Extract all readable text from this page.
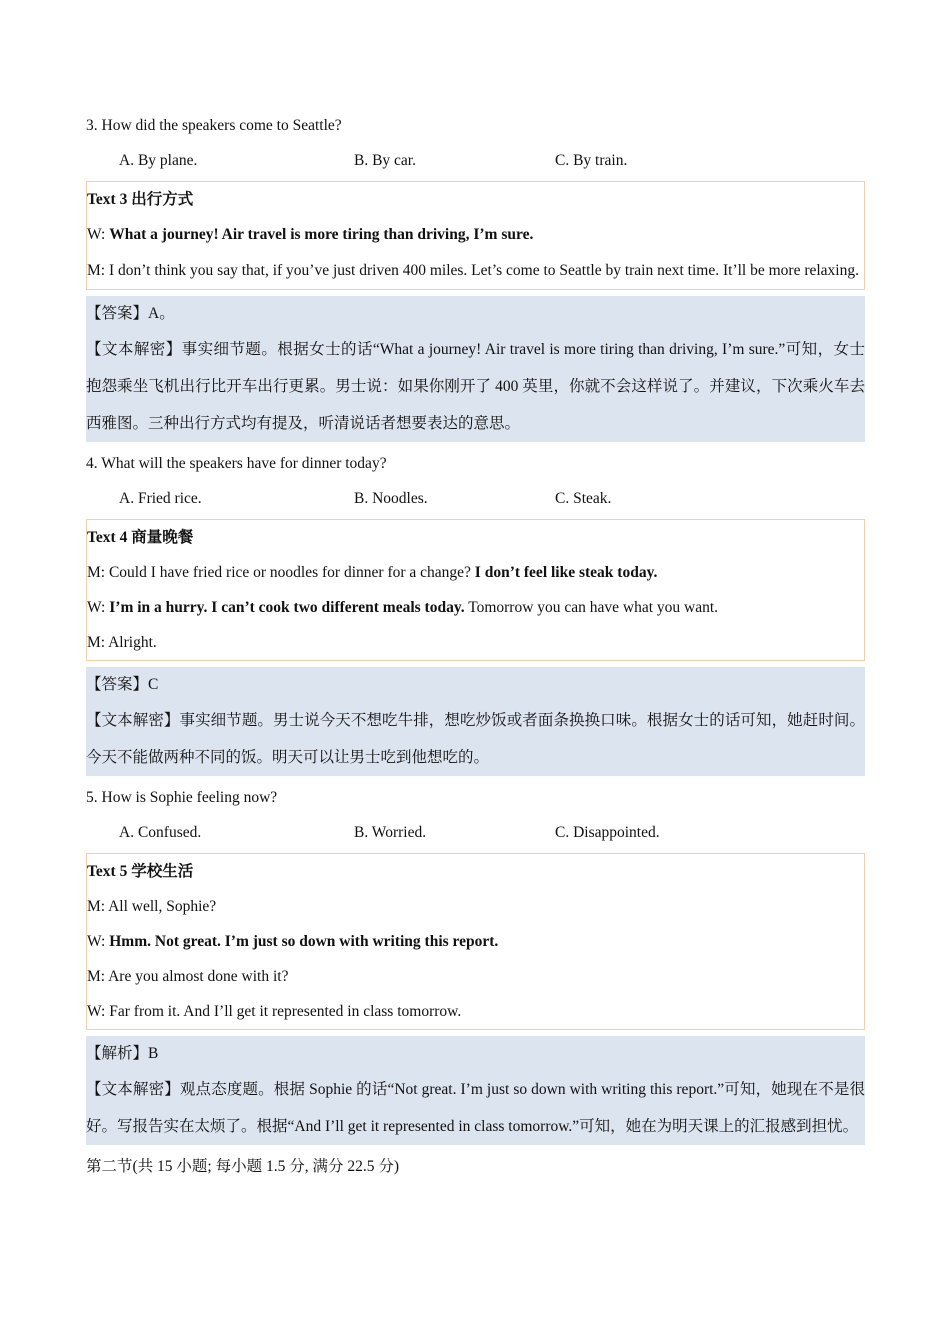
3. How did the speakers come to Seattle?
A. By plane.	B. By car.	C. By train.
Text 3 出行方式
W: What a journey! Air travel is more tiring than driving, I’m sure.
M: I don’t think you say that, if you’ve just driven 400 miles. Let’s come to Seattle by train next time. It’ll be more relaxing.
【答案】A。
【文本解密】事实细节题。根据女士的话“What a journey! Air travel is more tiring than driving, I’m sure.”可知，女士抱怨乘坐飞机出行比开车出行更累。男士说：如果你刚开了 400 英里，你就不会这样说了。并建议，下次乘火车去西雅图。三种出行方式均有提及，听清说话者想要表达的意思。
4. What will the speakers have for dinner today?
A. Fried rice.	B. Noodles.	C. Steak.
Text 4 商量晚餐
M: Could I have fried rice or noodles for dinner for a change? I don’t feel like steak today.
W: I’m in a hurry. I can’t cook two different meals today. Tomorrow you can have what you want.
M: Alright.
【答案】C
【文本解密】事实细节题。男士说今天不想吃牛排，想吃炒饭或者面条换换口味。根据女士的话可知，她赶时间。今天不能做两种不同的饭。明天可以让男士吃到他想吃的。
5. How is Sophie feeling now?
A. Confused.	B. Worried.	C. Disappointed.
Text 5 学校生活
M: All well, Sophie?
W: Hmm. Not great. I’m just so down with writing this report.
M: Are you almost done with it?
W: Far from it. And I’ll get it represented in class tomorrow.
【解析】B
【文本解密】观点态度题。根据 Sophie 的话“Not great. I’m just so down with writing this report.”可知，她现在不是很好。写报告实在太烦了。根据“And I’ll get it represented in class tomorrow.”可知，她在为明天课上的汇报感到担忧。
第二节(共 15 小题; 每小题 1.5 分, 满分 22.5 分)
